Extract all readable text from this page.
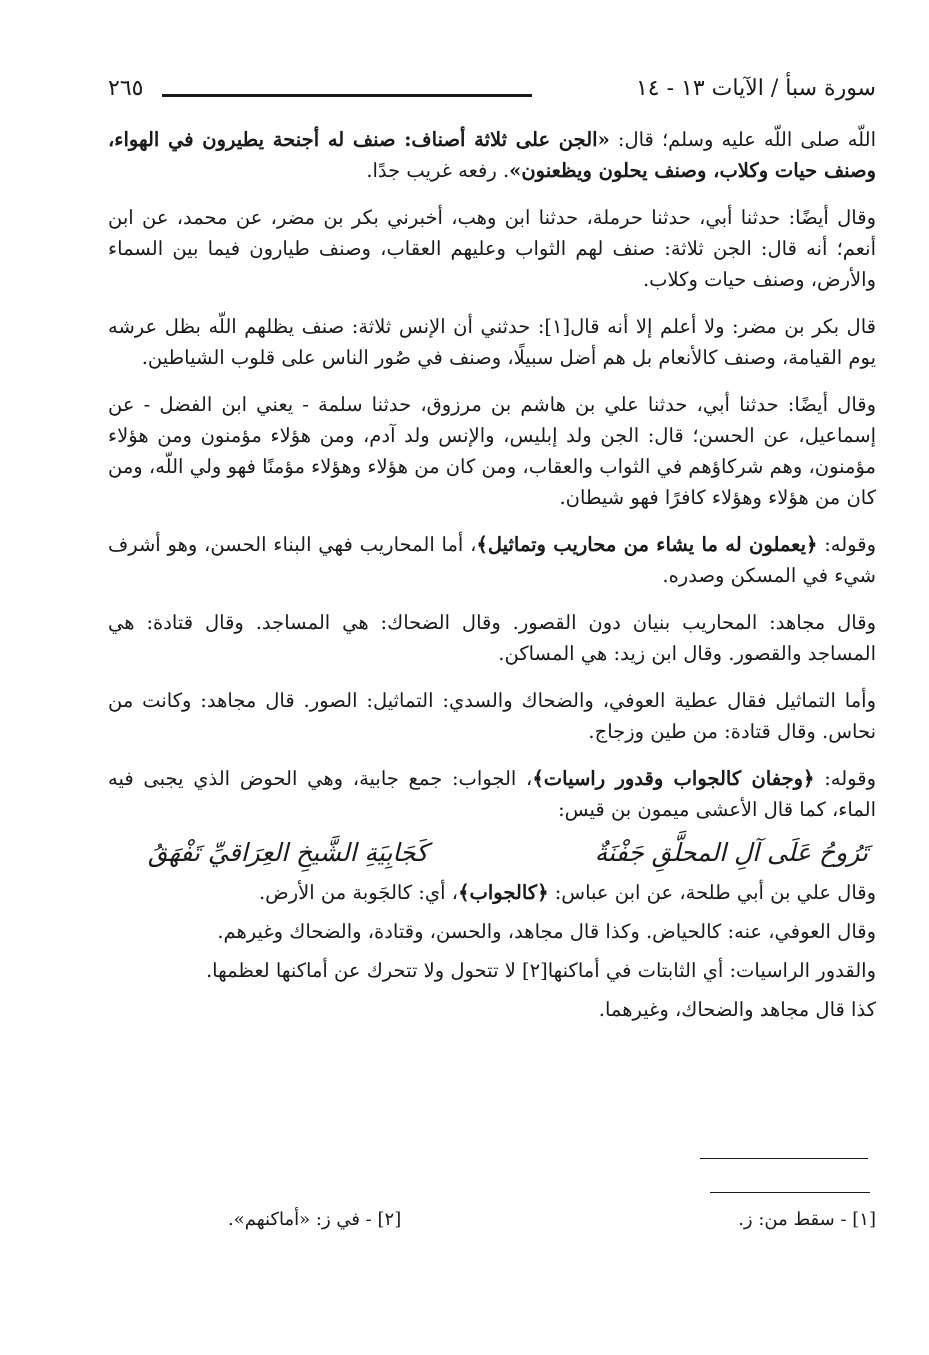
سورة سبأ / الآيات ١٣ - ١٤
٢٦٥

اللّه صلى اللّه عليه وسلم؛ قال: «الجن على ثلاثة أصناف: صنف له أجنحة يطيرون في الهواء، وصنف حيات وكلاب، وصنف يحلون ويظعنون». رفعه غريب جدًا.

وقال أيضًا: حدثنا أبي، حدثنا حرملة، حدثنا ابن وهب، أخبرني بكر بن مضر، عن محمد، عن ابن أنعم؛ أنه قال: الجن ثلاثة: صنف لهم الثواب وعليهم العقاب، وصنف طيارون فيما بين السماء والأرض، وصنف حيات وكلاب.

قال بكر بن مضر: ولا أعلم إلا أنه قال[١]: حدثني أن الإنس ثلاثة: صنف يظلهم اللّه بظل عرشه يوم القيامة، وصنف كالأنعام بل هم أضل سبيلًا، وصنف في صُور الناس على قلوب الشياطين.

وقال أيضًا: حدثنا أبي، حدثنا علي بن هاشم بن مرزوق، حدثنا سلمة - يعني ابن الفضل - عن إسماعيل، عن الحسن؛ قال: الجن ولد إبليس، والإنس ولد آدم، ومن هؤلاء مؤمنون ومن هؤلاء مؤمنون، وهم شركاؤهم في الثواب والعقاب، ومن كان من هؤلاء وهؤلاء مؤمنًا فهو ولي اللّه، ومن كان من هؤلاء وهؤلاء كافرًا فهو شيطان.

وقوله: ﴿يعملون له ما يشاء من محاريب وتماثيل﴾، أما المحاريب فهي البناء الحسن، وهو أشرف شيء في المسكن وصدره.

وقال مجاهد: المحاريب بنيان دون القصور. وقال الضحاك: هي المساجد. وقال قتادة: هي المساجد والقصور. وقال ابن زيد: هي المساكن.

وأما التماثيل فقال عطية العوفي، والضحاك والسدي: التماثيل: الصور. قال مجاهد: وكانت من نحاس. وقال قتادة: من طين وزجاج.

وقوله: ﴿وجفان كالجواب وقدور راسيات﴾، الجواب: جمع جابية، وهي الحوض الذي يجبى فيه الماء، كما قال الأعشى ميمون بن قيس:

تَرُوحُ عَلَى آلِ المحلَّقِ جَفْنَةٌ
كَجَابِيَةِ الشَّيخِ العِرَاقيِّ تَفْهَقُ

وقال علي بن أبي طلحة، عن ابن عباس: ﴿كالجواب﴾، أي: كالجَوبة من الأرض.

وقال العوفي، عنه: كالحياض. وكذا قال مجاهد، والحسن، وقتادة، والضحاك وغيرهم.

والقدور الراسيات: أي الثابتات في أماكنها[٢] لا تتحول ولا تتحرك عن أماكنها لعظمها.

كذا قال مجاهد والضحاك، وغيرهما.

[١] - سقط من: ز.
[٢] - في ز: «أماكنهم».
